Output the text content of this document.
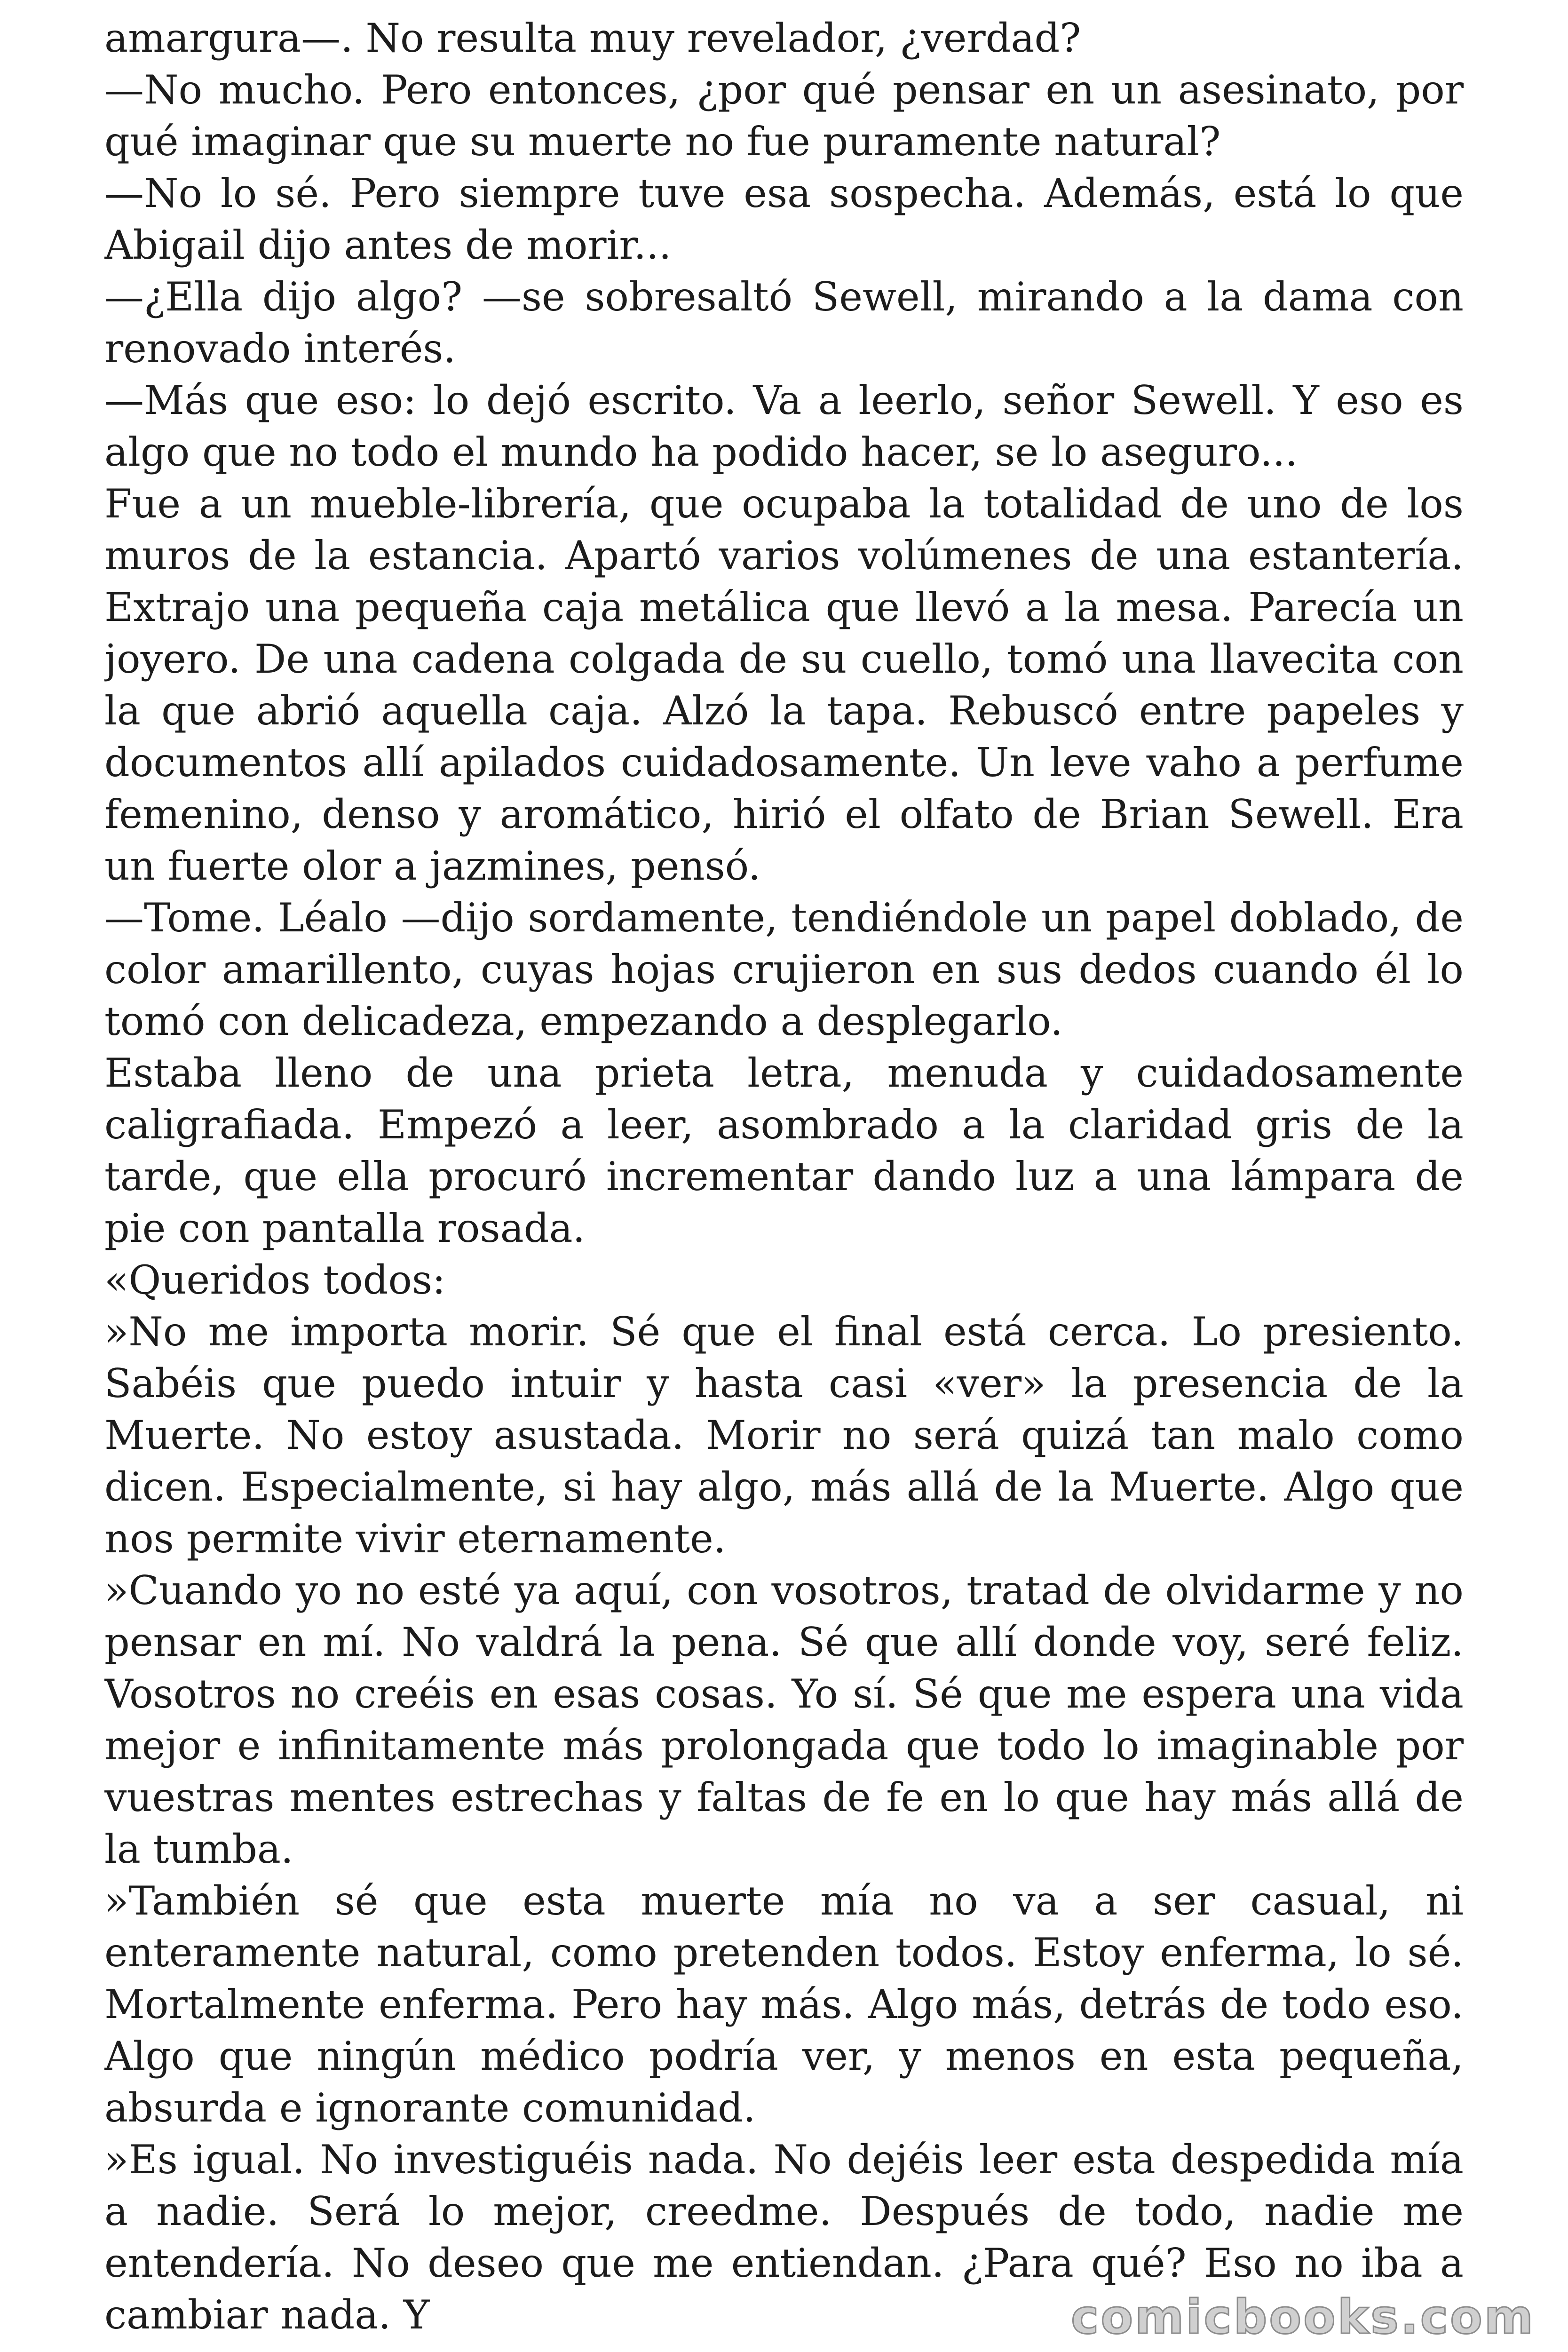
amargura—. No resulta muy revelador, ¿verdad?

—No mucho. Pero entonces, ¿por qué pensar en un asesinato, por qué imaginar que su muerte no fue puramente natural?

—No lo sé. Pero siempre tuve esa sospecha. Además, está lo que Abigail dijo antes de morir...

—¿Ella dijo algo? —se sobresaltó Sewell, mirando a la dama con renovado interés.

—Más que eso: lo dejó escrito. Va a leerlo, señor Sewell. Y eso es algo que no todo el mundo ha podido hacer, se lo aseguro...

Fue a un mueble-librería, que ocupaba la totalidad de uno de los muros de la estancia. Apartó varios volúmenes de una estantería. Extrajo una pequeña caja metálica que llevó a la mesa. Parecía un joyero. De una cadena colgada de su cuello, tomó una llavecita con la que abrió aquella caja. Alzó la tapa. Rebuscó entre papeles y documentos allí apilados cuidadosamente. Un leve vaho a perfume femenino, denso y aromático, hirió el olfato de Brian Sewell. Era un fuerte olor a jazmines, pensó.

—Tome. Léalo —dijo sordamente, tendiéndole un papel doblado, de color amarillento, cuyas hojas crujieron en sus dedos cuando él lo tomó con delicadeza, empezando a desplegarlo.

Estaba lleno de una prieta letra, menuda y cuidadosamente caligrafiada. Empezó a leer, asombrado a la claridad gris de la tarde, que ella procuró incrementar dando luz a una lámpara de pie con pantalla rosada.

«Queridos todos:

»No me importa morir. Sé que el final está cerca. Lo presiento. Sabéis que puedo intuir y hasta casi «ver» la presencia de la Muerte. No estoy asustada. Morir no será quizá tan malo como dicen. Especialmente, si hay algo, más allá de la Muerte. Algo que nos permite vivir eternamente.

»Cuando yo no esté ya aquí, con vosotros, tratad de olvidarme y no pensar en mí. No valdrá la pena. Sé que allí donde voy, seré feliz. Vosotros no creéis en esas cosas. Yo sí. Sé que me espera una vida mejor e infinitamente más prolongada que todo lo imaginable por vuestras mentes estrechas y faltas de fe en lo que hay más allá de la tumba.

»También sé que esta muerte mía no va a ser casual, ni enteramente natural, como pretenden todos. Estoy enferma, lo sé. Mortalmente enferma. Pero hay más. Algo más, detrás de todo eso. Algo que ningún médico podría ver, y menos en esta pequeña, absurda e ignorante comunidad.

»Es igual. No investiguéis nada. No dejéis leer esta despedida mía a nadie. Será lo mejor, creedme. Después de todo, nadie me entendería. No deseo que me entiendan. ¿Para qué? Eso no iba a cambiar nada. Y	comicbooks.com
